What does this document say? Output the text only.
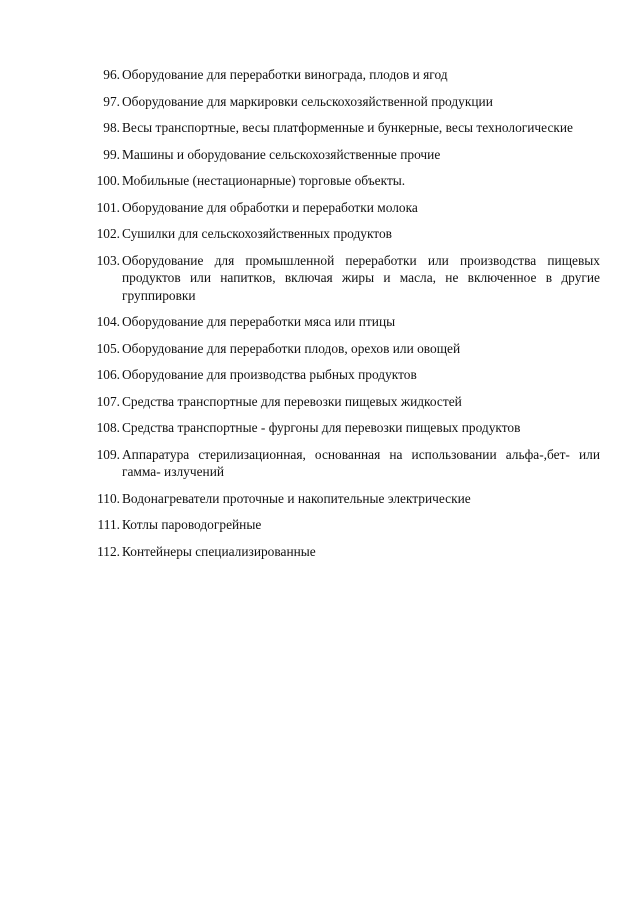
96. Оборудование для переработки винограда, плодов и ягод
97. Оборудование для маркировки сельскохозяйственной продукции
98. Весы транспортные, весы платформенные и бункерные, весы технологические
99. Машины и оборудование сельскохозяйственные прочие
100. Мобильные (нестационарные) торговые объекты.
101. Оборудование для обработки и переработки молока
102. Сушилки для сельскохозяйственных продуктов
103. Оборудование для промышленной переработки или производства пищевых продуктов или напитков, включая жиры и масла, не включенное в другие группировки
104. Оборудование для переработки мяса или птицы
105. Оборудование для переработки плодов, орехов или овощей
106. Оборудование для производства рыбных продуктов
107. Средства транспортные для перевозки пищевых жидкостей
108. Средства транспортные - фургоны для перевозки пищевых продуктов
109. Аппаратура стерилизационная, основанная на использовании альфа-,бет- или гамма- излучений
110. Водонагреватели проточные и накопительные электрические
111. Котлы пароводогрейные
112. Контейнеры специализированные
